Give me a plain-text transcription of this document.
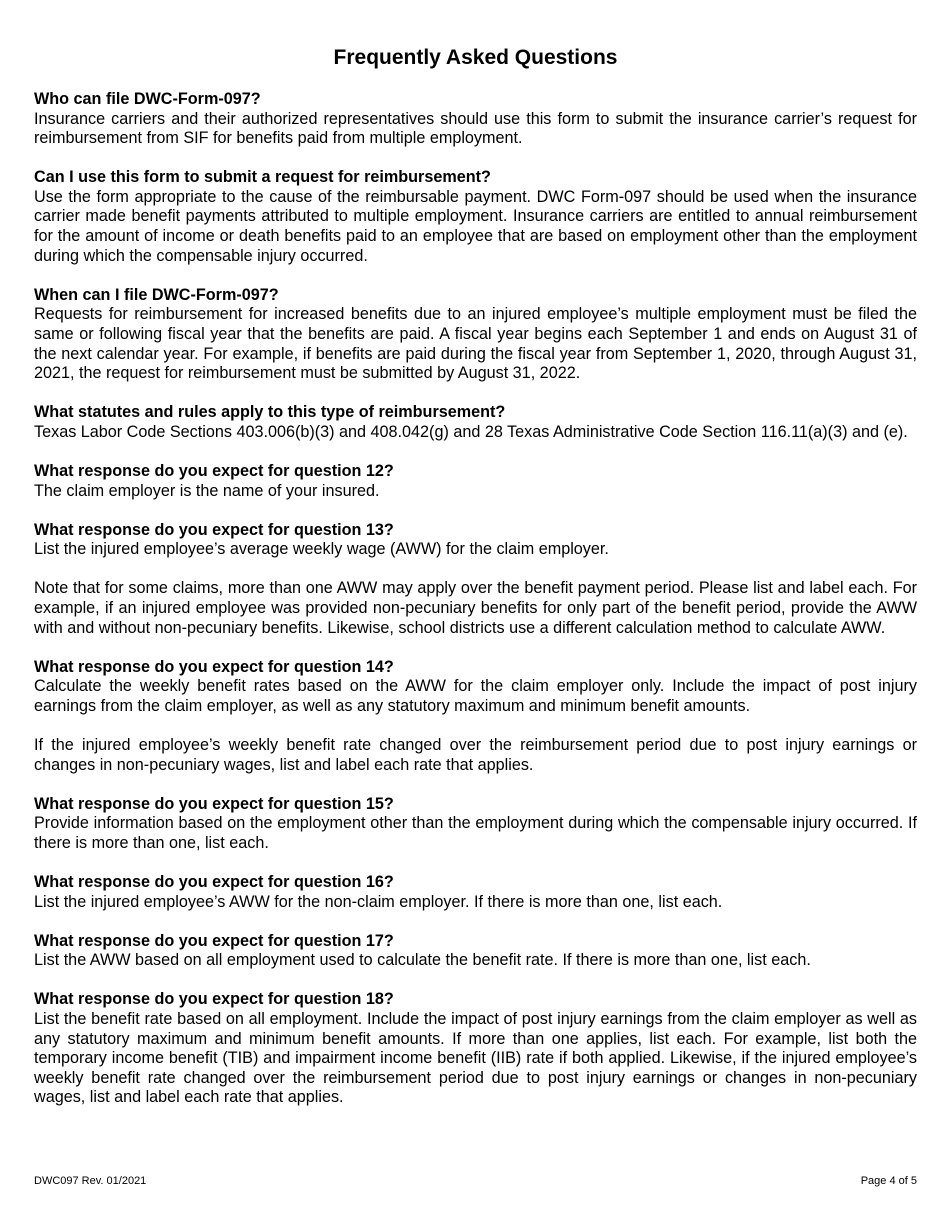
Frequently Asked Questions

Who can file DWC-Form-097?

Insurance carriers and their authorized representatives should use this form to submit the insurance carrier’s request for reimbursement from SIF for benefits paid from multiple employment.

Can I use this form to submit a request for reimbursement?

Use the form appropriate to the cause of the reimbursable payment. DWC Form-097 should be used when the insurance carrier made benefit payments attributed to multiple employment. Insurance carriers are entitled to annual reimbursement for the amount of income or death benefits paid to an employee that are based on employment other than the employment during which the compensable injury occurred.

When can I file DWC-Form-097?

Requests for reimbursement for increased benefits due to an injured employee’s multiple employment must be filed the same or following fiscal year that the benefits are paid. A fiscal year begins each September 1 and ends on August 31 of the next calendar year. For example, if benefits are paid during the fiscal year from September 1, 2020, through August 31, 2021, the request for reimbursement must be submitted by August 31, 2022.

What statutes and rules apply to this type of reimbursement?

Texas Labor Code Sections 403.006(b)(3) and 408.042(g) and 28 Texas Administrative Code Section 116.11(a)(3) and (e).

What response do you expect for question 12?

The claim employer is the name of your insured.

What response do you expect for question 13?

List the injured employee’s average weekly wage (AWW) for the claim employer.

Note that for some claims, more than one AWW may apply over the benefit payment period. Please list and label each. For example, if an injured employee was provided non-pecuniary benefits for only part of the benefit period, provide the AWW with and without non-pecuniary benefits. Likewise, school districts use a different calculation method to calculate AWW.

What response do you expect for question 14?

Calculate the weekly benefit rates based on the AWW for the claim employer only. Include the impact of post injury earnings from the claim employer, as well as any statutory maximum and minimum benefit amounts.

If the injured employee’s weekly benefit rate changed over the reimbursement period due to post injury earnings or changes in non-pecuniary wages, list and label each rate that applies.

What response do you expect for question 15?

Provide information based on the employment other than the employment during which the compensable injury occurred. If there is more than one, list each.

What response do you expect for question 16?

List the injured employee’s AWW for the non-claim employer. If there is more than one, list each.

What response do you expect for question 17?

List the AWW based on all employment used to calculate the benefit rate. If there is more than one, list each.

What response do you expect for question 18?

List the benefit rate based on all employment. Include the impact of post injury earnings from the claim employer as well as any statutory maximum and minimum benefit amounts. If more than one applies, list each. For example, list both the temporary income benefit (TIB) and impairment income benefit (IIB) rate if both applied. Likewise, if the injured employee’s weekly benefit rate changed over the reimbursement period due to post injury earnings or changes in non-pecuniary wages, list and label each rate that applies.

DWC097 Rev. 01/2021	Page 4 of 5
